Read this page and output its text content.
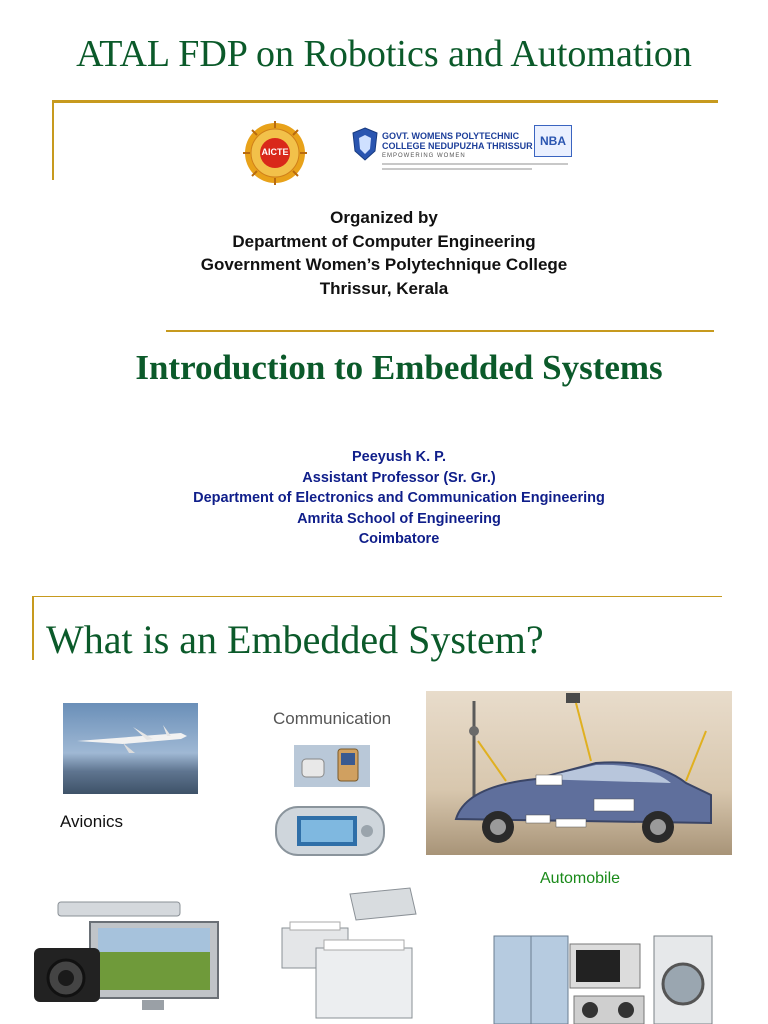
ATAL FDP on Robotics and Automation
AICTE
GOVT. WOMENS POLYTECHNIC
COLLEGE NEDUPUZHA THRISSUR
EMPOWERING WOMEN
NBA
Organized by
Department of Computer Engineering
Government Women’s Polytechnique College
Thrissur, Kerala
Introduction to Embedded Systems
Peeyush K. P.
Assistant Professor (Sr. Gr.)
Department of Electronics and Communication Engineering
Amrita School of Engineering
Coimbatore
What is an Embedded System?
Avionics
Communication
Automobile
